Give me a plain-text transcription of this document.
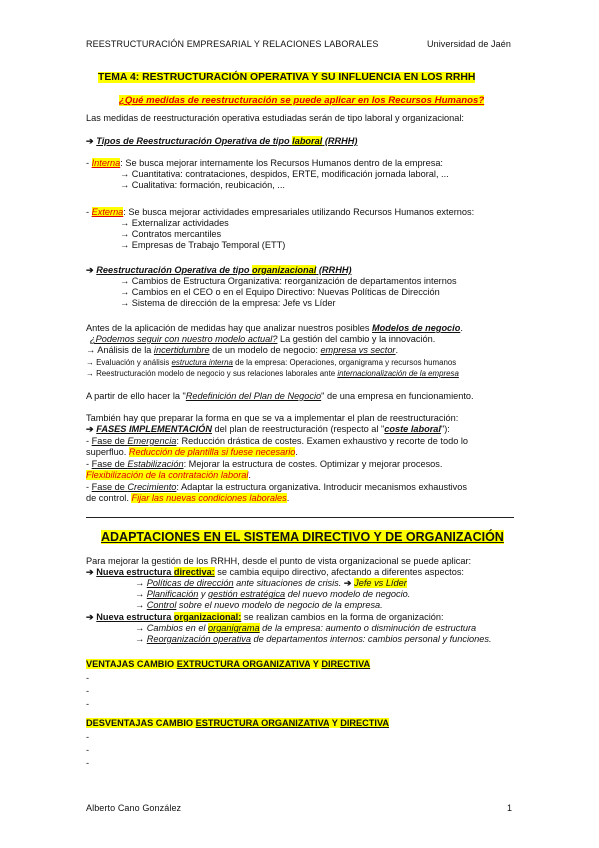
REESTRUCTURACIÓN EMPRESARIAL Y RELACIONES LABORALES	Universidad de Jaén
TEMA 4: RESTRUCTURACIÓN OPERATIVA Y SU INFLUENCIA EN LOS RRHH
¿Qué medidas de reestructuración se puede aplicar en los Recursos Humanos?
Las medidas de reestructuración operativa estudiadas serán de tipo laboral y organizacional:
➔ Tipos de Reestructuración Operativa de tipo laboral (RRHH)
- Interna: Se busca mejorar internamente los Recursos Humanos dentro de la empresa:
→ Cuantitativa: contrataciones, despidos, ERTE, modificación jornada laboral, ...
→ Cualitativa: formación, reubicación, ...
- Externa: Se busca mejorar actividades empresariales utilizando Recursos Humanos externos:
→ Externalizar actividades
→ Contratos mercantiles
→ Empresas de Trabajo Temporal (ETT)
➔ Reestructuración Operativa de tipo organizacional (RRHH)
→ Cambios de Estructura Organizativa: reorganización de departamentos internos
→ Cambios en el CEO o en el Equipo Directivo: Nuevas Políticas de Dirección
→ Sistema de dirección de la empresa: Jefe vs Líder
Antes de la aplicación de medidas hay que analizar nuestros posibles Modelos de negocio.
¿Podemos seguir con nuestro modelo actual? La gestión del cambio y la innovación.
→ Análisis de la incertidumbre de un modelo de negocio: empresa vs sector.
→ Evaluación y análisis estructura interna de la empresa: Operaciones, organigrama y recursos humanos
→ Reestructuración modelo de negocio y sus relaciones laborales ante internacionalización de la empresa
A partir de ello hacer la "Redefinición del Plan de Negocio" de una empresa en funcionamiento.
También hay que preparar la forma en que se va a implementar el plan de reestructuración:
➔ FASES IMPLEMENTACIÓN del plan de reestructuración (respecto al "coste laboral"):
- Fase de Emergencia: Reducción drástica de costes. Examen exhaustivo y recorte de todo lo
superfluo. Reducción de plantilla si fuese necesario.
- Fase de Estabilización: Mejorar la estructura de costes. Optimizar y mejorar procesos.
Flexibilización de la contratación laboral.
- Fase de Crecimiento: Adaptar la estructura organizativa. Introducir mecanismos exhaustivos
de control. Fijar las nuevas condiciones laborales.
ADAPTACIONES EN EL SISTEMA DIRECTIVO Y DE ORGANIZACIÓN
Para mejorar la gestión de los RRHH, desde el punto de vista organizacional se puede aplicar:
➔ Nueva estructura directiva: se cambia equipo directivo, afectando a diferentes aspectos:
→ Políticas de dirección ante situaciones de crisis. ➔ Jefe vs Líder
→ Planificación y gestión estratégica del nuevo modelo de negocio.
→ Control sobre el nuevo modelo de negocio de la empresa.
➔ Nueva estructura organizacional: se realizan cambios en la forma de organización:
→ Cambios en el organigrama de la empresa: aumento o disminución de estructura
→ Reorganización operativa de departamentos internos: cambios personal y funciones.
VENTAJAS CAMBIO EXTRUCTURA ORGANIZATIVA Y DIRECTIVA
-
-
-
DESVENTAJAS CAMBIO ESTRUCTURA ORGANIZATIVA Y DIRECTIVA
-
-
-
Alberto Cano González	1
